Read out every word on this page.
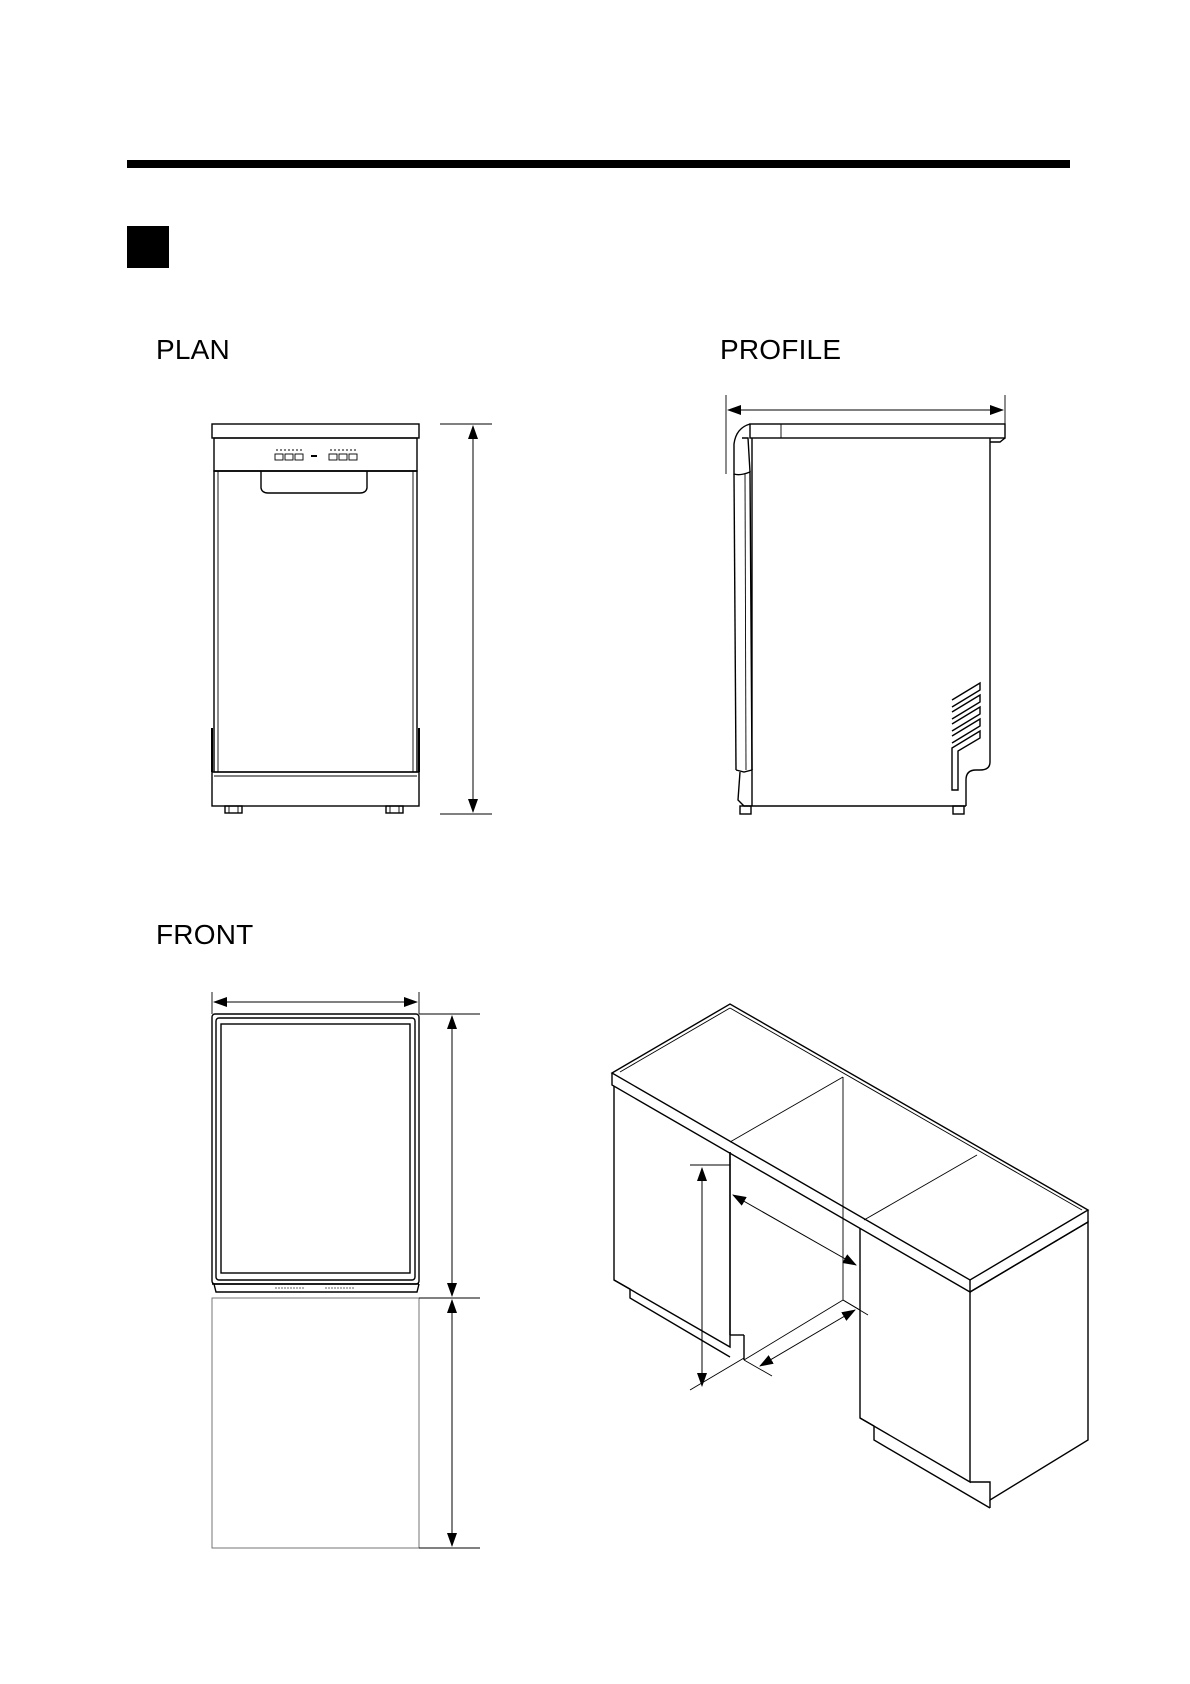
PLAN	PROFILE
FRONT
